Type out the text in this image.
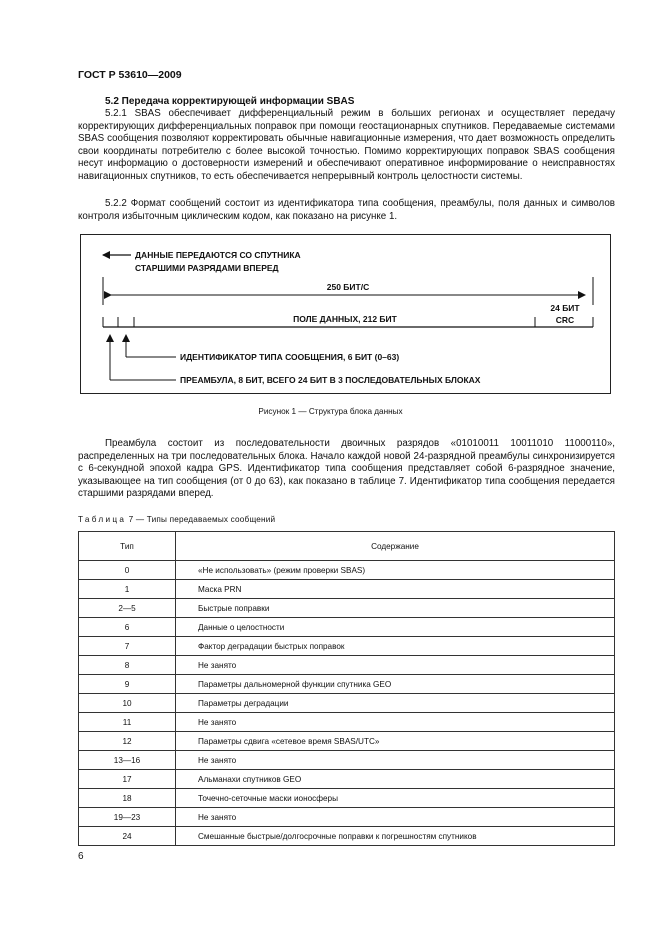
ГОСТ Р 53610—2009
5.2 Передача корректирующей информации SBAS
5.2.1 SBAS обеспечивает дифференциальный режим в больших регионах и осуществляет передачу корректирующих дифференциальных поправок при помощи геостационарных спутников. Передаваемые системами SBAS сообщения позволяют корректировать обычные навигационные измерения, что дает возможность определить свои координаты потребителю с более высокой точностью. Помимо корректирующих поправок SBAS сообщения несут информацию о достоверности измерений и обеспечивают оперативное информирование о неисправностях навигационных спутников, то есть обеспечивается непрерывный контроль целостности системы.
5.2.2 Формат сообщений состоит из идентификатора типа сообщения, преамбулы, поля данных и символов контроля избыточным циклическим кодом, как показано на рисунке 1.
ДАННЫЕ ПЕРЕДАЮТСЯ СО СПУТНИКА
СТАРШИМИ РАЗРЯДАМИ ВПЕРЕД
250 БИТ/С
ПОЛЕ ДАННЫХ, 212 БИТ
24 БИТ
CRC
ИДЕНТИФИКАТОР ТИПА СООБЩЕНИЯ, 6 БИТ (0–63)
ПРЕАМБУЛА, 8 БИТ, ВСЕГО 24 БИТ В 3 ПОСЛЕДОВАТЕЛЬНЫХ БЛОКАХ
Рисунок 1 — Структура блока данных
Преамбула состоит из последовательности двоичных разрядов «01010011 10011010 11000110», распределенных на три последовательных блока. Начало каждой новой 24-разрядной преамбулы синхронизируется с 6-секундной эпохой кадра GPS. Идентификатор типа сообщения представляет собой 6-разрядное значение, указывающее на тип сообщения (от 0 до 63), как показано в таблице 7. Идентификатор типа сообщения передается старшими разрядами вперед.
Таблица 7 — Типы передаваемых сообщений
Тип	Содержание
0	«Не использовать» (режим проверки SBAS)
1	Маска PRN
2—5	Быстрые поправки
6	Данные о целостности
7	Фактор деградации быстрых поправок
8	Не занято
9	Параметры дальномерной функции спутника GEO
10	Параметры деградации
11	Не занято
12	Параметры сдвига «сетевое время SBAS/UTC»
13—16	Не занято
17	Альманахи спутников GEO
18	Точечно-сеточные маски ионосферы
19—23	Не занято
24	Смешанные быстрые/долгосрочные поправки к погрешностям спутников
6
